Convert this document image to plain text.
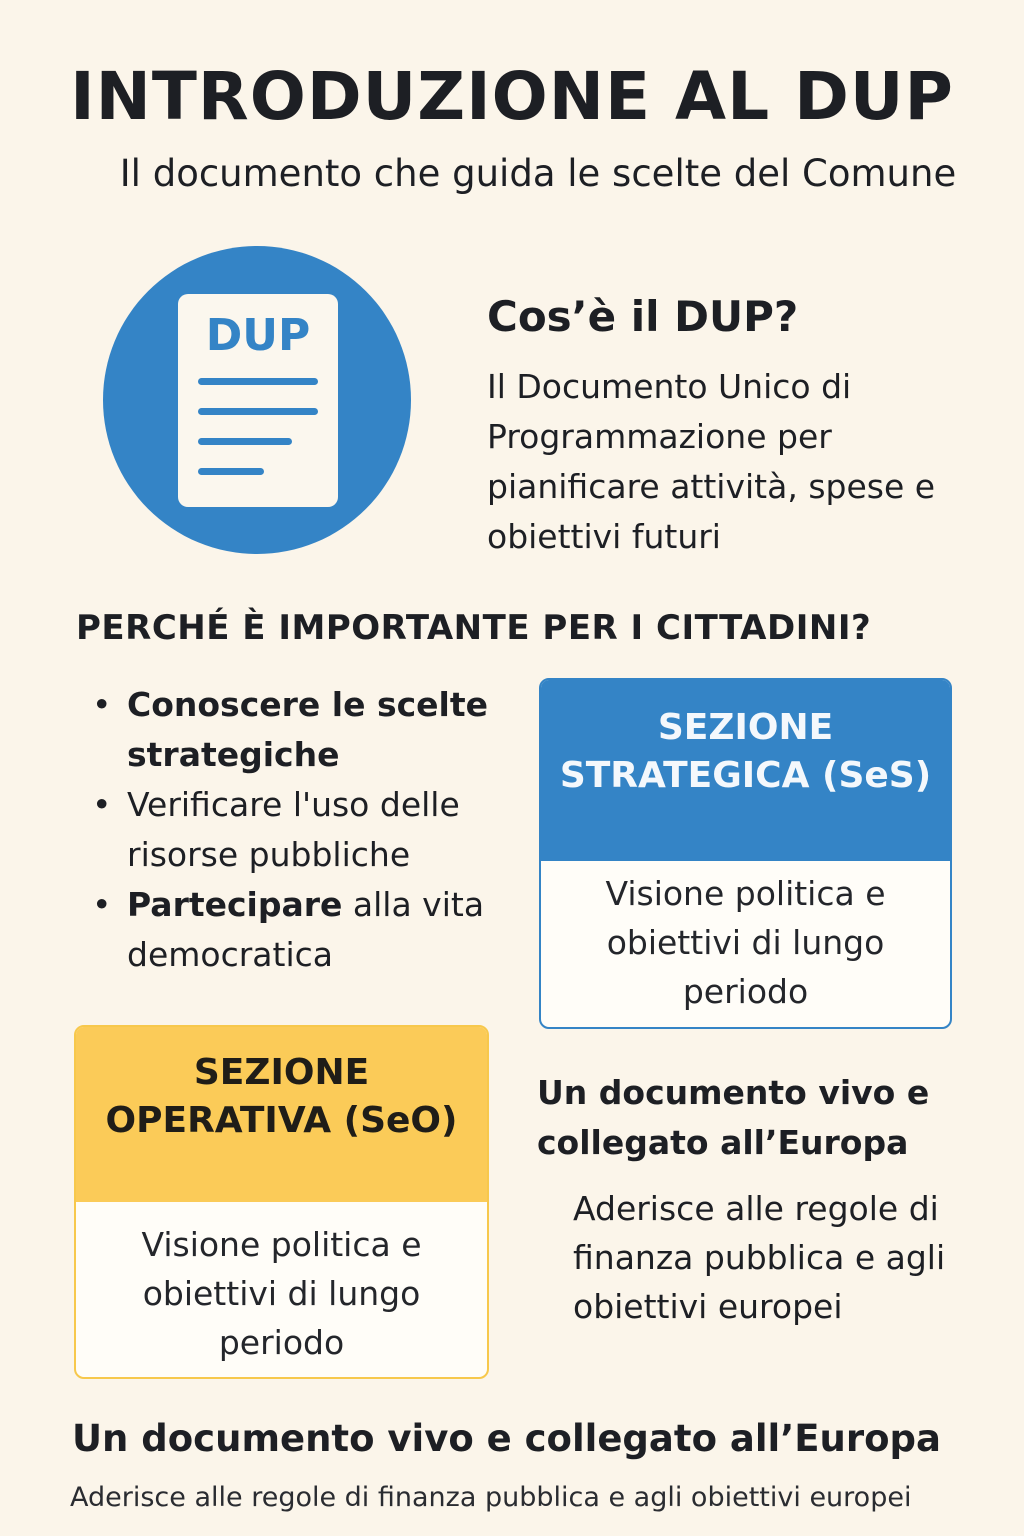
INTRODUZIONE AL DUP

Il documento che guida le scelte del Comune

DUP	Cos’è il DUP?

Il Documento Unico di Programmazione per pianificare attività, spese e obiettivi futuri

PERCHÉ È IMPORTANTE PER I CITTADINI?
• Conoscere le scelte strategiche
• Verificare l'uso delle risorse pubbliche
• Partecipare alla vita democratica
SEZIONE STRATEGICA (SeS)
Visione politica e obiettivi di lungo periodo
SEZIONE OPERATIVA (SeO)
Visione politica e obiettivi di lungo periodo
Un documento vivo e collegato all’Europa

Aderisce alle regole di finanza pubblica e agli obiettivi europei

Un documento vivo e collegato all’Europa

Aderisce alle regole di finanza pubblica e agli obiettivi europei
